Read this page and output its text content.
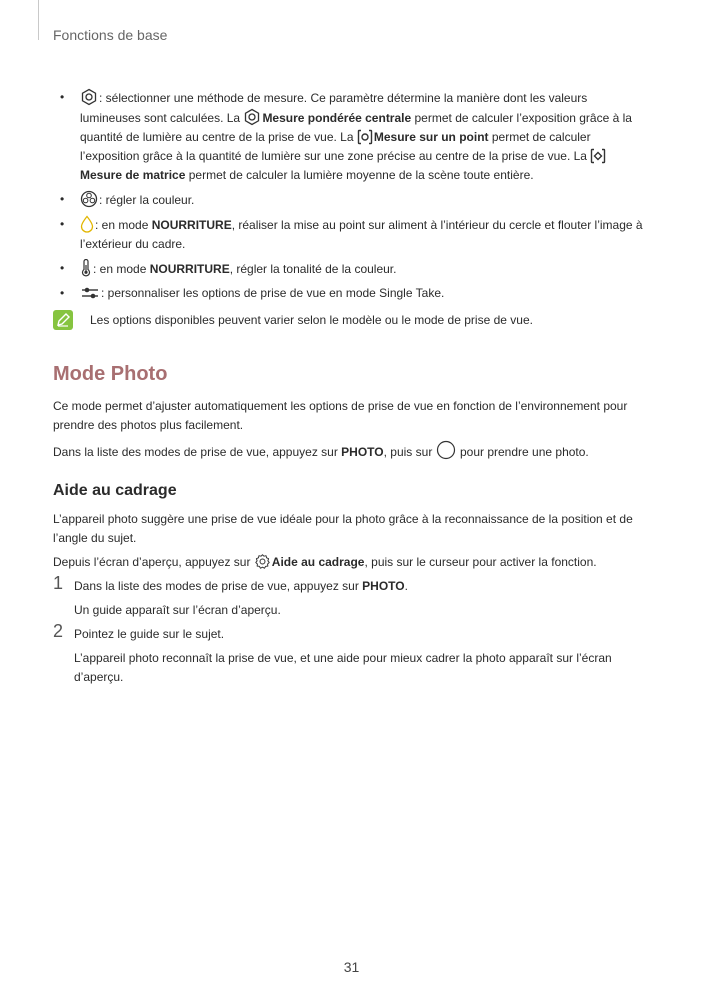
Fonctions de base
•	: sélectionner une méthode de mesure. Ce paramètre détermine la manière dont les valeurs lumineuses sont calculées. La Mesure pondérée centrale permet de calculer l’exposition grâce à la quantité de lumière au centre de la prise de vue. La Mesure sur un point permet de calculer l’exposition grâce à la quantité de lumière sur une zone précise au centre de la prise de vue. La Mesure de matrice permet de calculer la lumière moyenne de la scène toute entière.
•	: régler la couleur.
•	: en mode NOURRITURE, réaliser la mise au point sur aliment à l’intérieur du cercle et flouter l’image à l’extérieur du cadre.
• : en mode NOURRITURE, régler la tonalité de la couleur.
•	: personnaliser les options de prise de vue en mode Single Take.
Les options disponibles peuvent varier selon le modèle ou le mode de prise de vue.
Mode Photo

Ce mode permet d’ajuster automatiquement les options de prise de vue en fonction de l’environnement pour prendre des photos plus facilement.

Dans la liste des modes de prise de vue, appuyez sur PHOTO, puis sur  pour prendre une photo.

Aide au cadrage

L’appareil photo suggère une prise de vue idéale pour la photo grâce à la reconnaissance de la position et de l’angle du sujet.

Depuis l’écran d’aperçu, appuyez sur Aide au cadrage, puis sur le curseur pour activer la fonction.

1 Dans la liste des modes de prise de vue, appuyez sur PHOTO.

Un guide apparaît sur l’écran d’aperçu.

2 Pointez le guide sur le sujet.

L’appareil photo reconnaît la prise de vue, et une aide pour mieux cadrer la photo apparaît sur l’écran d’aperçu.

31
